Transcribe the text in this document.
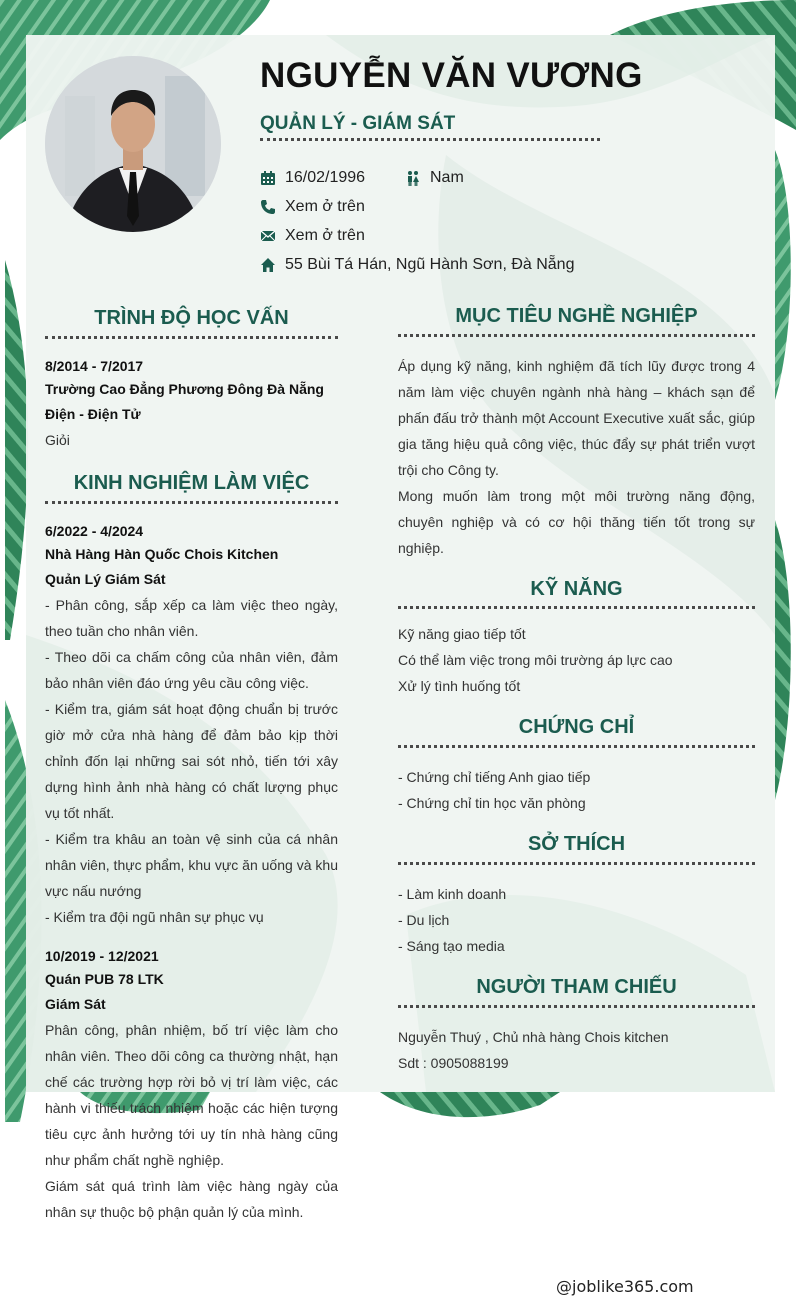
NGUYỄN VĂN VƯƠNG
QUẢN LÝ - GIÁM SÁT
16/02/1996	Nam
Xem ở trên
Xem ở trên
55 Bùi Tá Hán, Ngũ Hành Sơn, Đà Nẵng
TRÌNH ĐỘ HỌC VẤN
8/2014 - 7/2017
Trường Cao Đẳng Phương Đông Đà Nẵng
Điện - Điện Tử
Giỏi
KINH NGHIỆM LÀM VIỆC
6/2022 - 4/2024
Nhà Hàng Hàn Quốc Chois Kitchen
Quản Lý Giám Sát
- Phân công, sắp xếp ca làm việc theo ngày, theo tuần cho nhân viên.
- Theo dõi ca chấm công của nhân viên, đảm bảo nhân viên đáo ứng yêu cầu công việc.
- Kiểm tra, giám sát hoạt động chuẩn bị trước giờ mở cửa nhà hàng để đảm bảo kịp thời chỉnh đốn lại những sai sót nhỏ, tiến tới xây dựng hình ảnh nhà hàng có chất lượng phục vụ tốt nhất.
- Kiểm tra khâu an toàn vệ sinh của cá nhân nhân viên, thực phẩm, khu vực ăn uống và khu vực nấu nướng
- Kiểm tra đội ngũ nhân sự phục vụ
10/2019 - 12/2021
Quán PUB 78 LTK
Giám Sát
Phân công, phân nhiệm, bố trí việc làm cho nhân viên. Theo dõi công ca thường nhật, hạn chế các trường hợp rời bỏ vị trí làm việc, các hành vi thiếu trách nhiệm hoặc các hiện tượng tiêu cực ảnh hưởng tới uy tín nhà hàng cũng như phẩm chất nghề nghiệp.
Giám sát quá trình làm việc hàng ngày của nhân sự thuộc bộ phận quản lý của mình.
MỤC TIÊU NGHỀ NGHIỆP
Áp dụng kỹ năng, kinh nghiệm đã tích lũy được trong 4 năm làm việc chuyên ngành nhà hàng – khách sạn để phấn đấu trở thành một Account Executive xuất sắc, giúp gia tăng hiệu quả công việc, thúc đẩy sự phát triển vượt trội cho Công ty.
Mong muốn làm trong một môi trường năng động, chuyên nghiệp và có cơ hội thăng tiến tốt trong sự nghiệp.
KỸ NĂNG
Kỹ năng giao tiếp tốt
Có thể làm việc trong môi trường áp lực cao
Xử lý tình huống tốt
CHỨNG CHỈ
- Chứng chỉ tiếng Anh giao tiếp
- Chứng chỉ tin học văn phòng
SỞ THÍCH
- Làm kinh doanh
- Du lịch
- Sáng tạo media
NGƯỜI THAM CHIẾU
Nguyễn Thuý , Chủ nhà hàng Chois kitchen
Sdt : 0905088199
@joblike365.com
